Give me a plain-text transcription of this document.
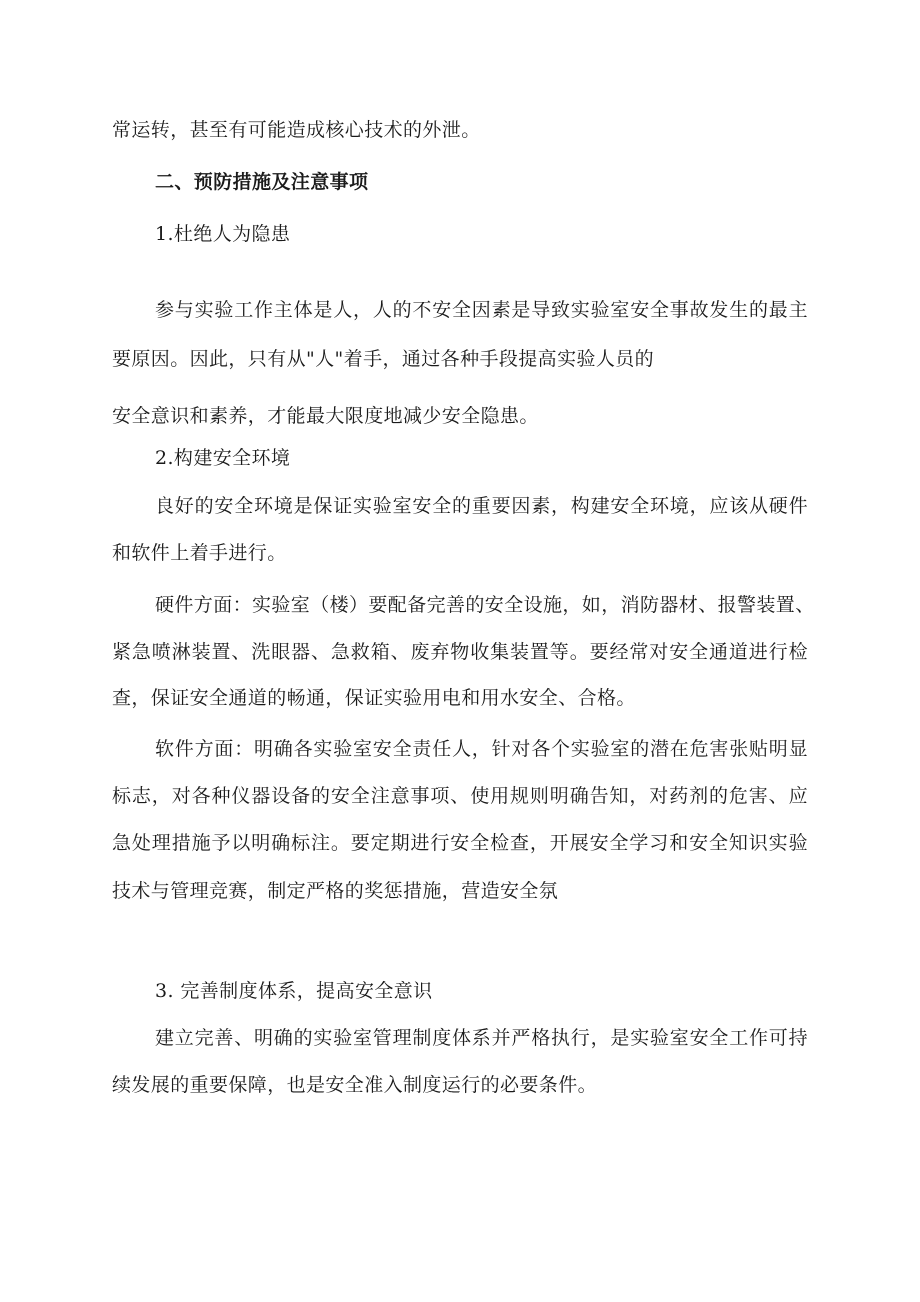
常运转，甚至有可能造成核心技术的外泄。
二、预防措施及注意事项
1.杜绝人为隐患
参与实验工作主体是人，人的不安全因素是导致实验室安全事故发生的最主
要原因。因此，只有从"人"着手，通过各种手段提高实验人员的
安全意识和素养，才能最大限度地减少安全隐患。
2.构建安全环境
良好的安全环境是保证实验室安全的重要因素，构建安全环境，应该从硬件
和软件上着手进行。
硬件方面：实验室（楼）要配备完善的安全设施，如，消防器材、报警装置、
紧急喷淋装置、洗眼器、急救箱、废弃物收集装置等。要经常对安全通道进行检
查，保证安全通道的畅通，保证实验用电和用水安全、合格。
软件方面：明确各实验室安全责任人，针对各个实验室的潜在危害张贴明显
标志，对各种仪器设备的安全注意事项、使用规则明确告知，对药剂的危害、应
急处理措施予以明确标注。要定期进行安全检查，开展安全学习和安全知识实验
技术与管理竞赛，制定严格的奖惩措施，营造安全氛
3. 完善制度体系，提高安全意识
建立完善、明确的实验室管理制度体系并严格执行，是实验室安全工作可持
续发展的重要保障，也是安全准入制度运行的必要条件。
